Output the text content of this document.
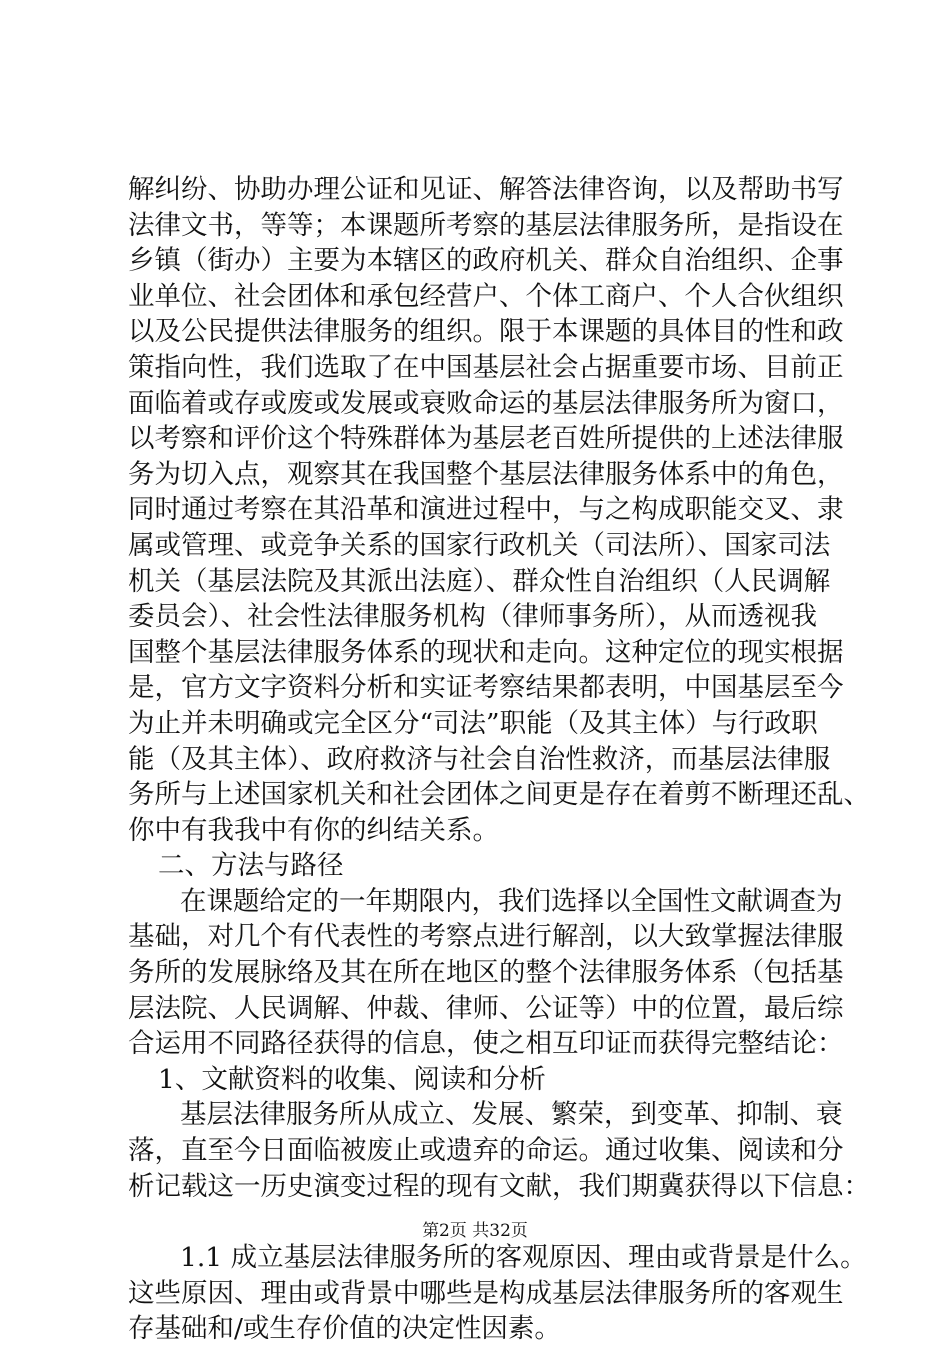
解纠纷、协助办理公证和见证、解答法律咨询，以及帮助书写
法律文书，等等；本课题所考察的基层法律服务所，是指设在
乡镇（街办）主要为本辖区的政府机关、群众自治组织、企事
业单位、社会团体和承包经营户、个体工商户、个人合伙组织
以及公民提供法律服务的组织。限于本课题的具体目的性和政
策指向性，我们选取了在中国基层社会占据重要市场、目前正
面临着或存或废或发展或衰败命运的基层法律服务所为窗口，
以考察和评价这个特殊群体为基层老百姓所提供的上述法律服
务为切入点，观察其在我国整个基层法律服务体系中的角色，
同时通过考察在其沿革和演进过程中，与之构成职能交叉、隶
属或管理、或竞争关系的国家行政机关（司法所）、国家司法
机关（基层法院及其派出法庭）、群众性自治组织（人民调解
委员会）、社会性法律服务机构（律师事务所），从而透视我
国整个基层法律服务体系的现状和走向。这种定位的现实根据
是，官方文字资料分析和实证考察结果都表明，中国基层至今
为止并未明确或完全区分“司法”职能（及其主体）与行政职
能（及其主体）、政府救济与社会自治性救济，而基层法律服
务所与上述国家机关和社会团体之间更是存在着剪不断理还乱、
你中有我我中有你的纠结关系。
二、方法与路径
在课题给定的一年期限内，我们选择以全国性文献调查为
基础，对几个有代表性的考察点进行解剖，以大致掌握法律服
务所的发展脉络及其在所在地区的整个法律服务体系（包括基
层法院、人民调解、仲裁、律师、公证等）中的位置，最后综
合运用不同路径获得的信息，使之相互印证而获得完整结论：
1、文献资料的收集、阅读和分析
基层法律服务所从成立、发展、繁荣，到变革、抑制、衰
落，直至今日面临被废止或遗弃的命运。通过收集、阅读和分
析记载这一历史演变过程的现有文献，我们期冀获得以下信息：
1.1 成立基层法律服务所的客观原因、理由或背景是什么。
这些原因、理由或背景中哪些是构成基层法律服务所的客观生
存基础和/或生存价值的决定性因素。
第2页 共32页
